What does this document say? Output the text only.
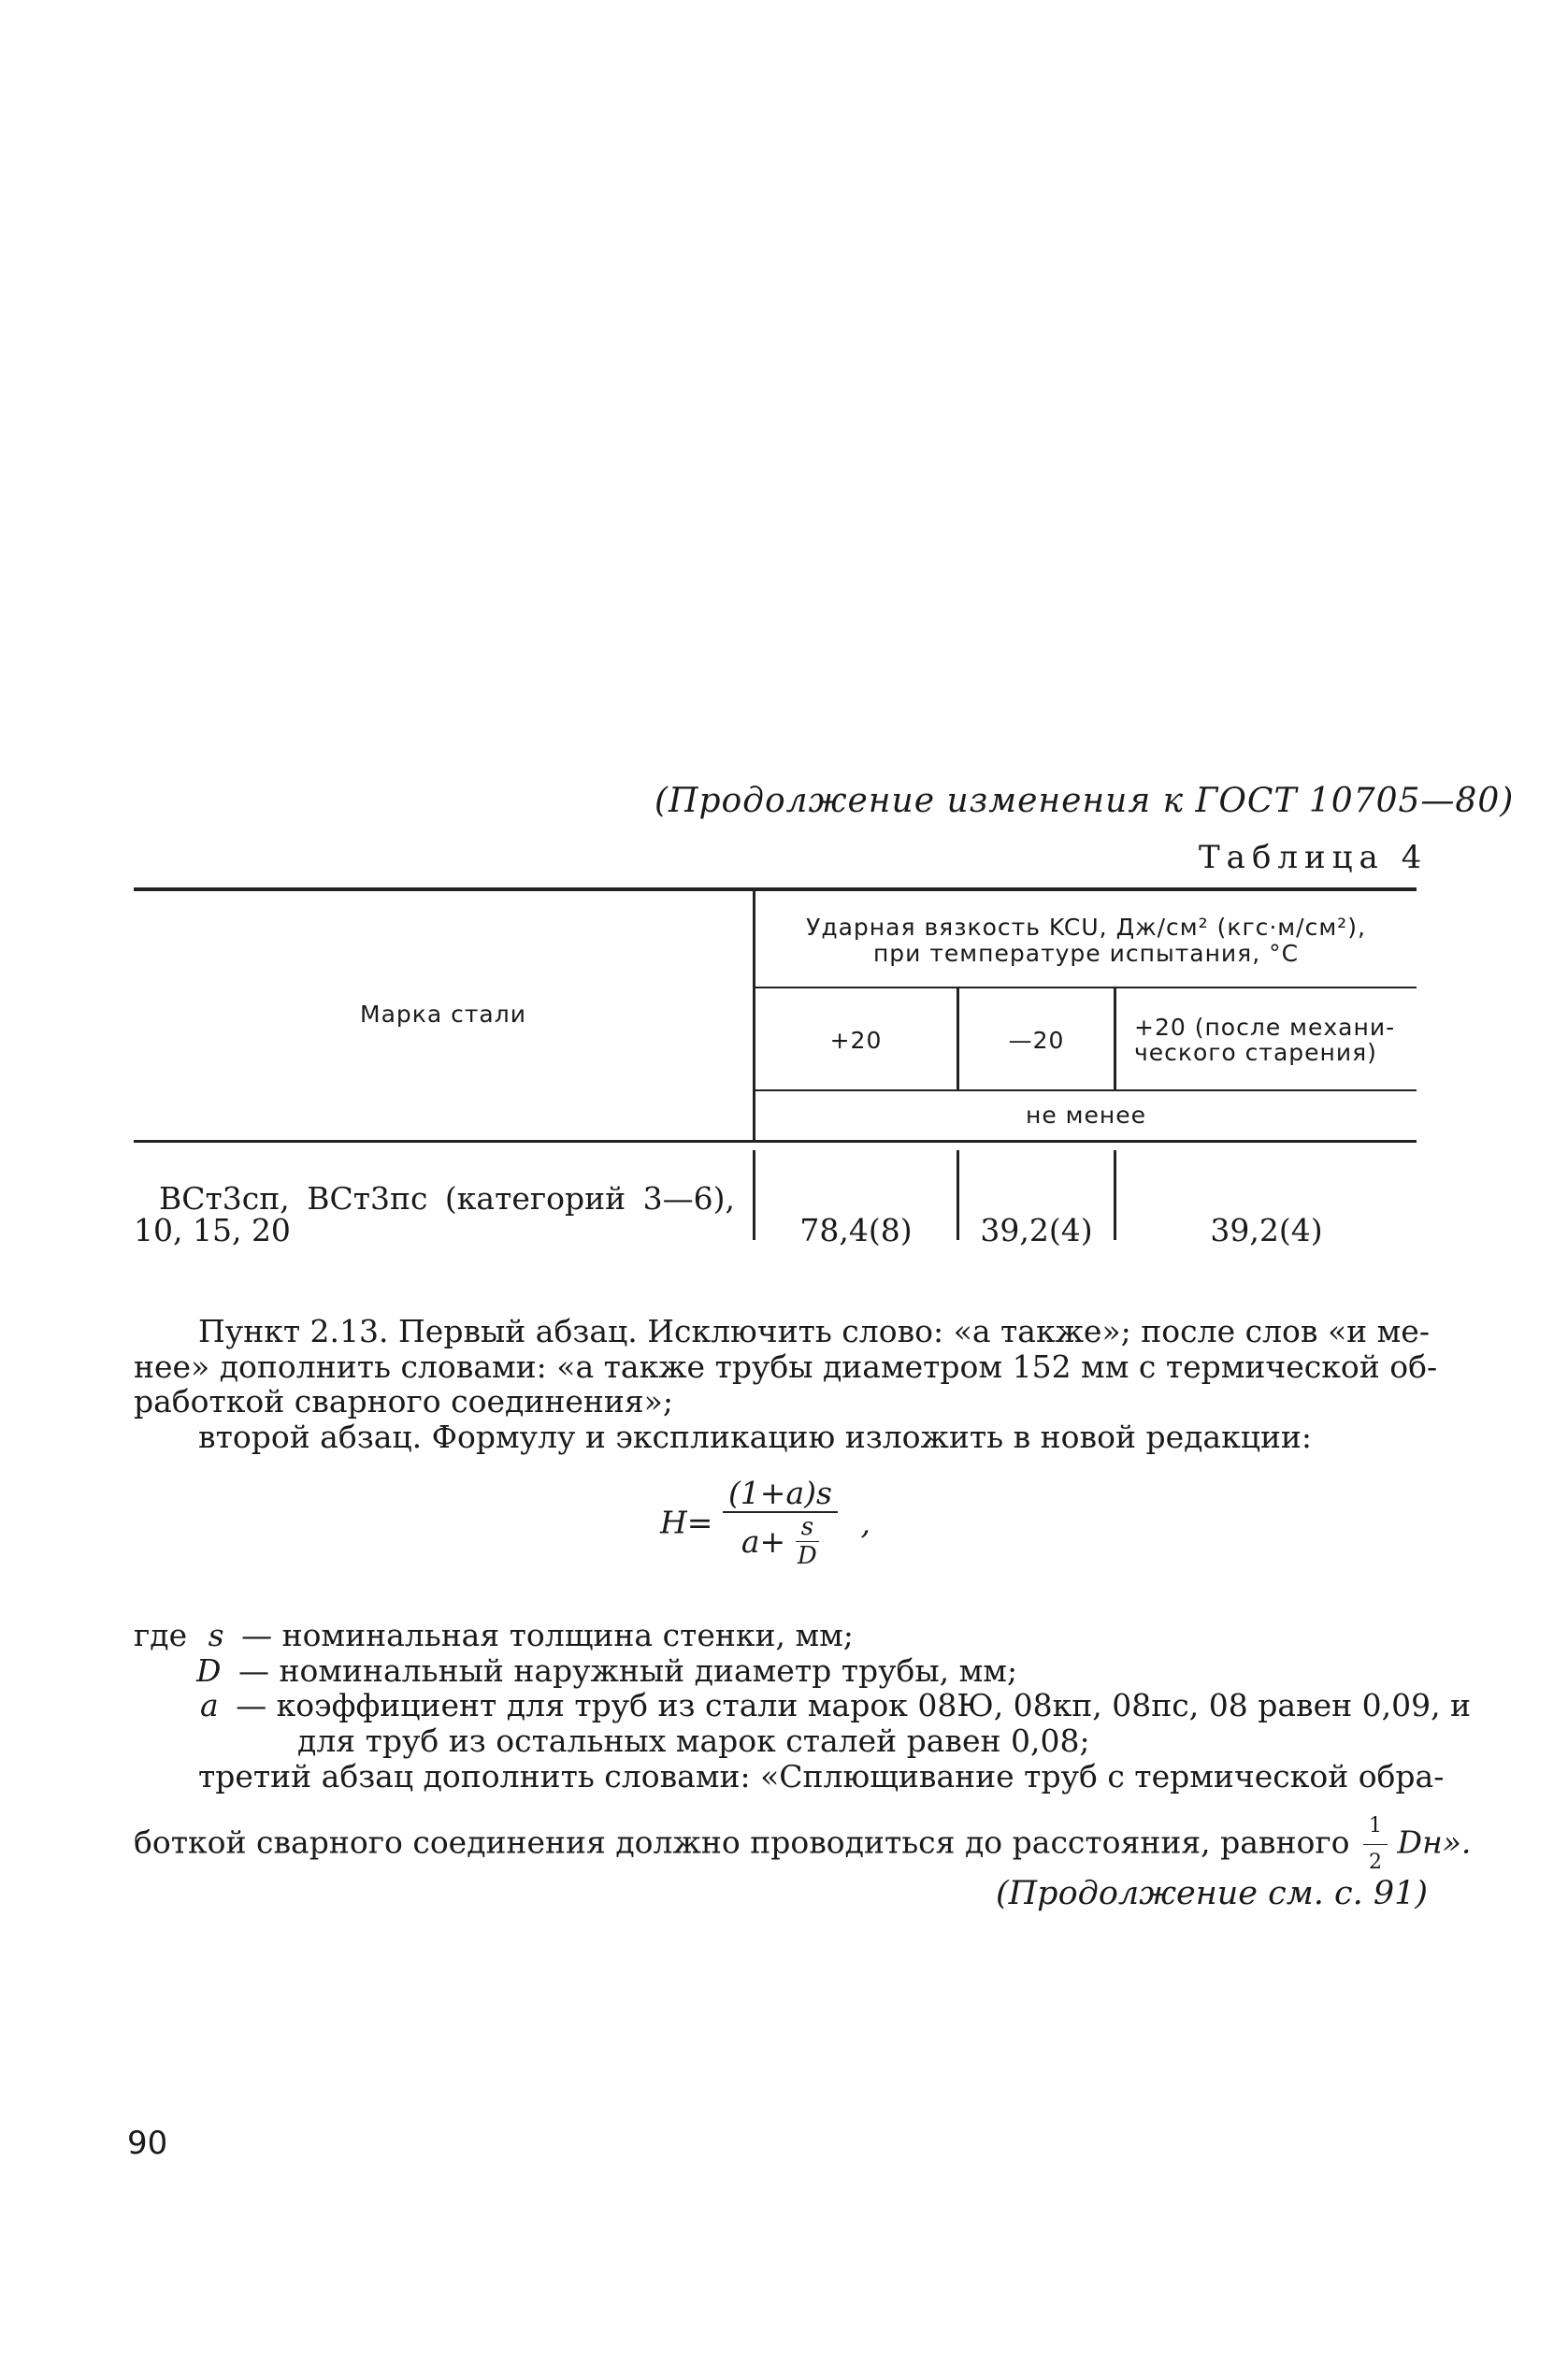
(Продолжение изменения к ГОСТ 10705—80)
Таблица 4
Марка стали
Ударная вязкость KCU, Дж/см² (кгс·м/см²),
при температуре испытания, °С
+20	—20	+20 (после механи-
ческого старения)
не менее
ВСт3сп, ВСт3пс (категорий 3—6),
10, 15, 20	78,4(8)	39,2(4)	39,2(4)
Пункт 2.13. Первый абзац. Исключить слово: «а также»; после слов «и ме-
нее» дополнить словами: «а также трубы диаметром 152 мм с термической об-
работкой сварного соединения»;
второй абзац. Формулу и экспликацию изложить в новой редакции:
$H= \frac{(1+a)s}{a+ \frac{s}{D}}$ ,
где s — номинальная толщина стенки, мм;
D — номинальный наружный диаметр трубы, мм;
a — коэффициент для труб из стали марок 08Ю, 08кп, 08пс, 08 равен 0,09, и
для труб из остальных марок сталей равен 0,08;
третий абзац дополнить словами: «Сплющивание труб с термической обра-
боткой сварного соединения должно проводиться до расстояния, равного $\frac{1}{2}$ Dн».
(Продолжение см. с. 91)
90
